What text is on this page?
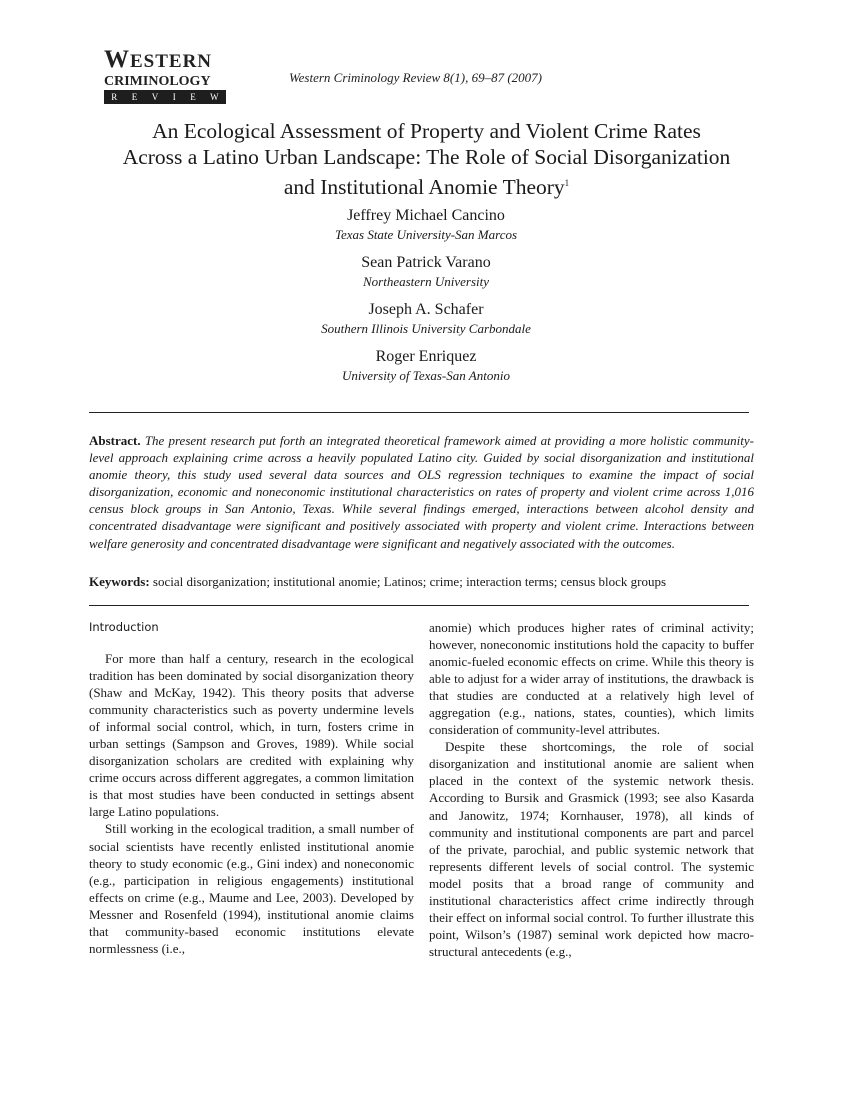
WESTERN
CRIMINOLOGY
R E V I E W
Western Criminology Review 8(1), 69–87 (2007)
An Ecological Assessment of Property and Violent Crime Rates
Across a Latino Urban Landscape: The Role of Social Disorganization
and Institutional Anomie Theory$^1$
Jeffrey Michael Cancino
Texas State University-San Marcos
Sean Patrick Varano
Northeastern University
Joseph A. Schafer
Southern Illinois University Carbondale
Roger Enriquez
University of Texas-San Antonio
Abstract. The present research put forth an integrated theoretical framework aimed at providing a more holistic community-level approach explaining crime across a heavily populated Latino city. Guided by social disorganization and institutional anomie theory, this study used several data sources and OLS regression techniques to examine the impact of social disorganization, economic and noneconomic institutional characteristics on rates of property and violent crime across 1,016 census block groups in San Antonio, Texas. While several findings emerged, interactions between alcohol density and concentrated disadvantage were significant and positively associated with property and violent crime. Interactions between welfare generosity and concentrated disadvantage were significant and negatively associated with the outcomes.
Keywords: social disorganization; institutional anomie; Latinos; crime; interaction terms; census block groups
Introduction

For more than half a century, research in the ecological tradition has been dominated by social disorganization theory (Shaw and McKay, 1942). This theory posits that adverse community characteristics such as poverty undermine levels of informal social control, which, in turn, fosters crime in urban settings (Sampson and Groves, 1989). While social disorganization scholars are credited with explaining why crime occurs across different aggregates, a common limitation is that most studies have been conducted in settings absent large Latino populations.

Still working in the ecological tradition, a small number of social scientists have recently enlisted institutional anomie theory to study economic (e.g., Gini index) and noneconomic (e.g., participation in religious engagements) institutional effects on crime (e.g., Maume and Lee, 2003). Developed by Messner and Rosenfeld (1994), institutional anomie claims that community-based economic institutions elevate normlessness (i.e.,

anomie) which produces higher rates of criminal activity; however, noneconomic institutions hold the capacity to buffer anomic-fueled economic effects on crime. While this theory is able to adjust for a wider array of institutions, the drawback is that studies are conducted at a relatively high level of aggregation (e.g., nations, states, counties), which limits consideration of community-level attributes.

Despite these shortcomings, the role of social disorganization and institutional anomie are salient when placed in the context of the systemic network thesis. According to Bursik and Grasmick (1993; see also Kasarda and Janowitz, 1974; Kornhauser, 1978), all kinds of community and institutional components are part and parcel of the private, parochial, and public systemic network that represents different levels of social control. The systemic model posits that a broad range of community and institutional characteristics affect crime indirectly through their effect on informal social control. To further illustrate this point, Wilson’s (1987) seminal work depicted how macro-structural antecedents (e.g.,
